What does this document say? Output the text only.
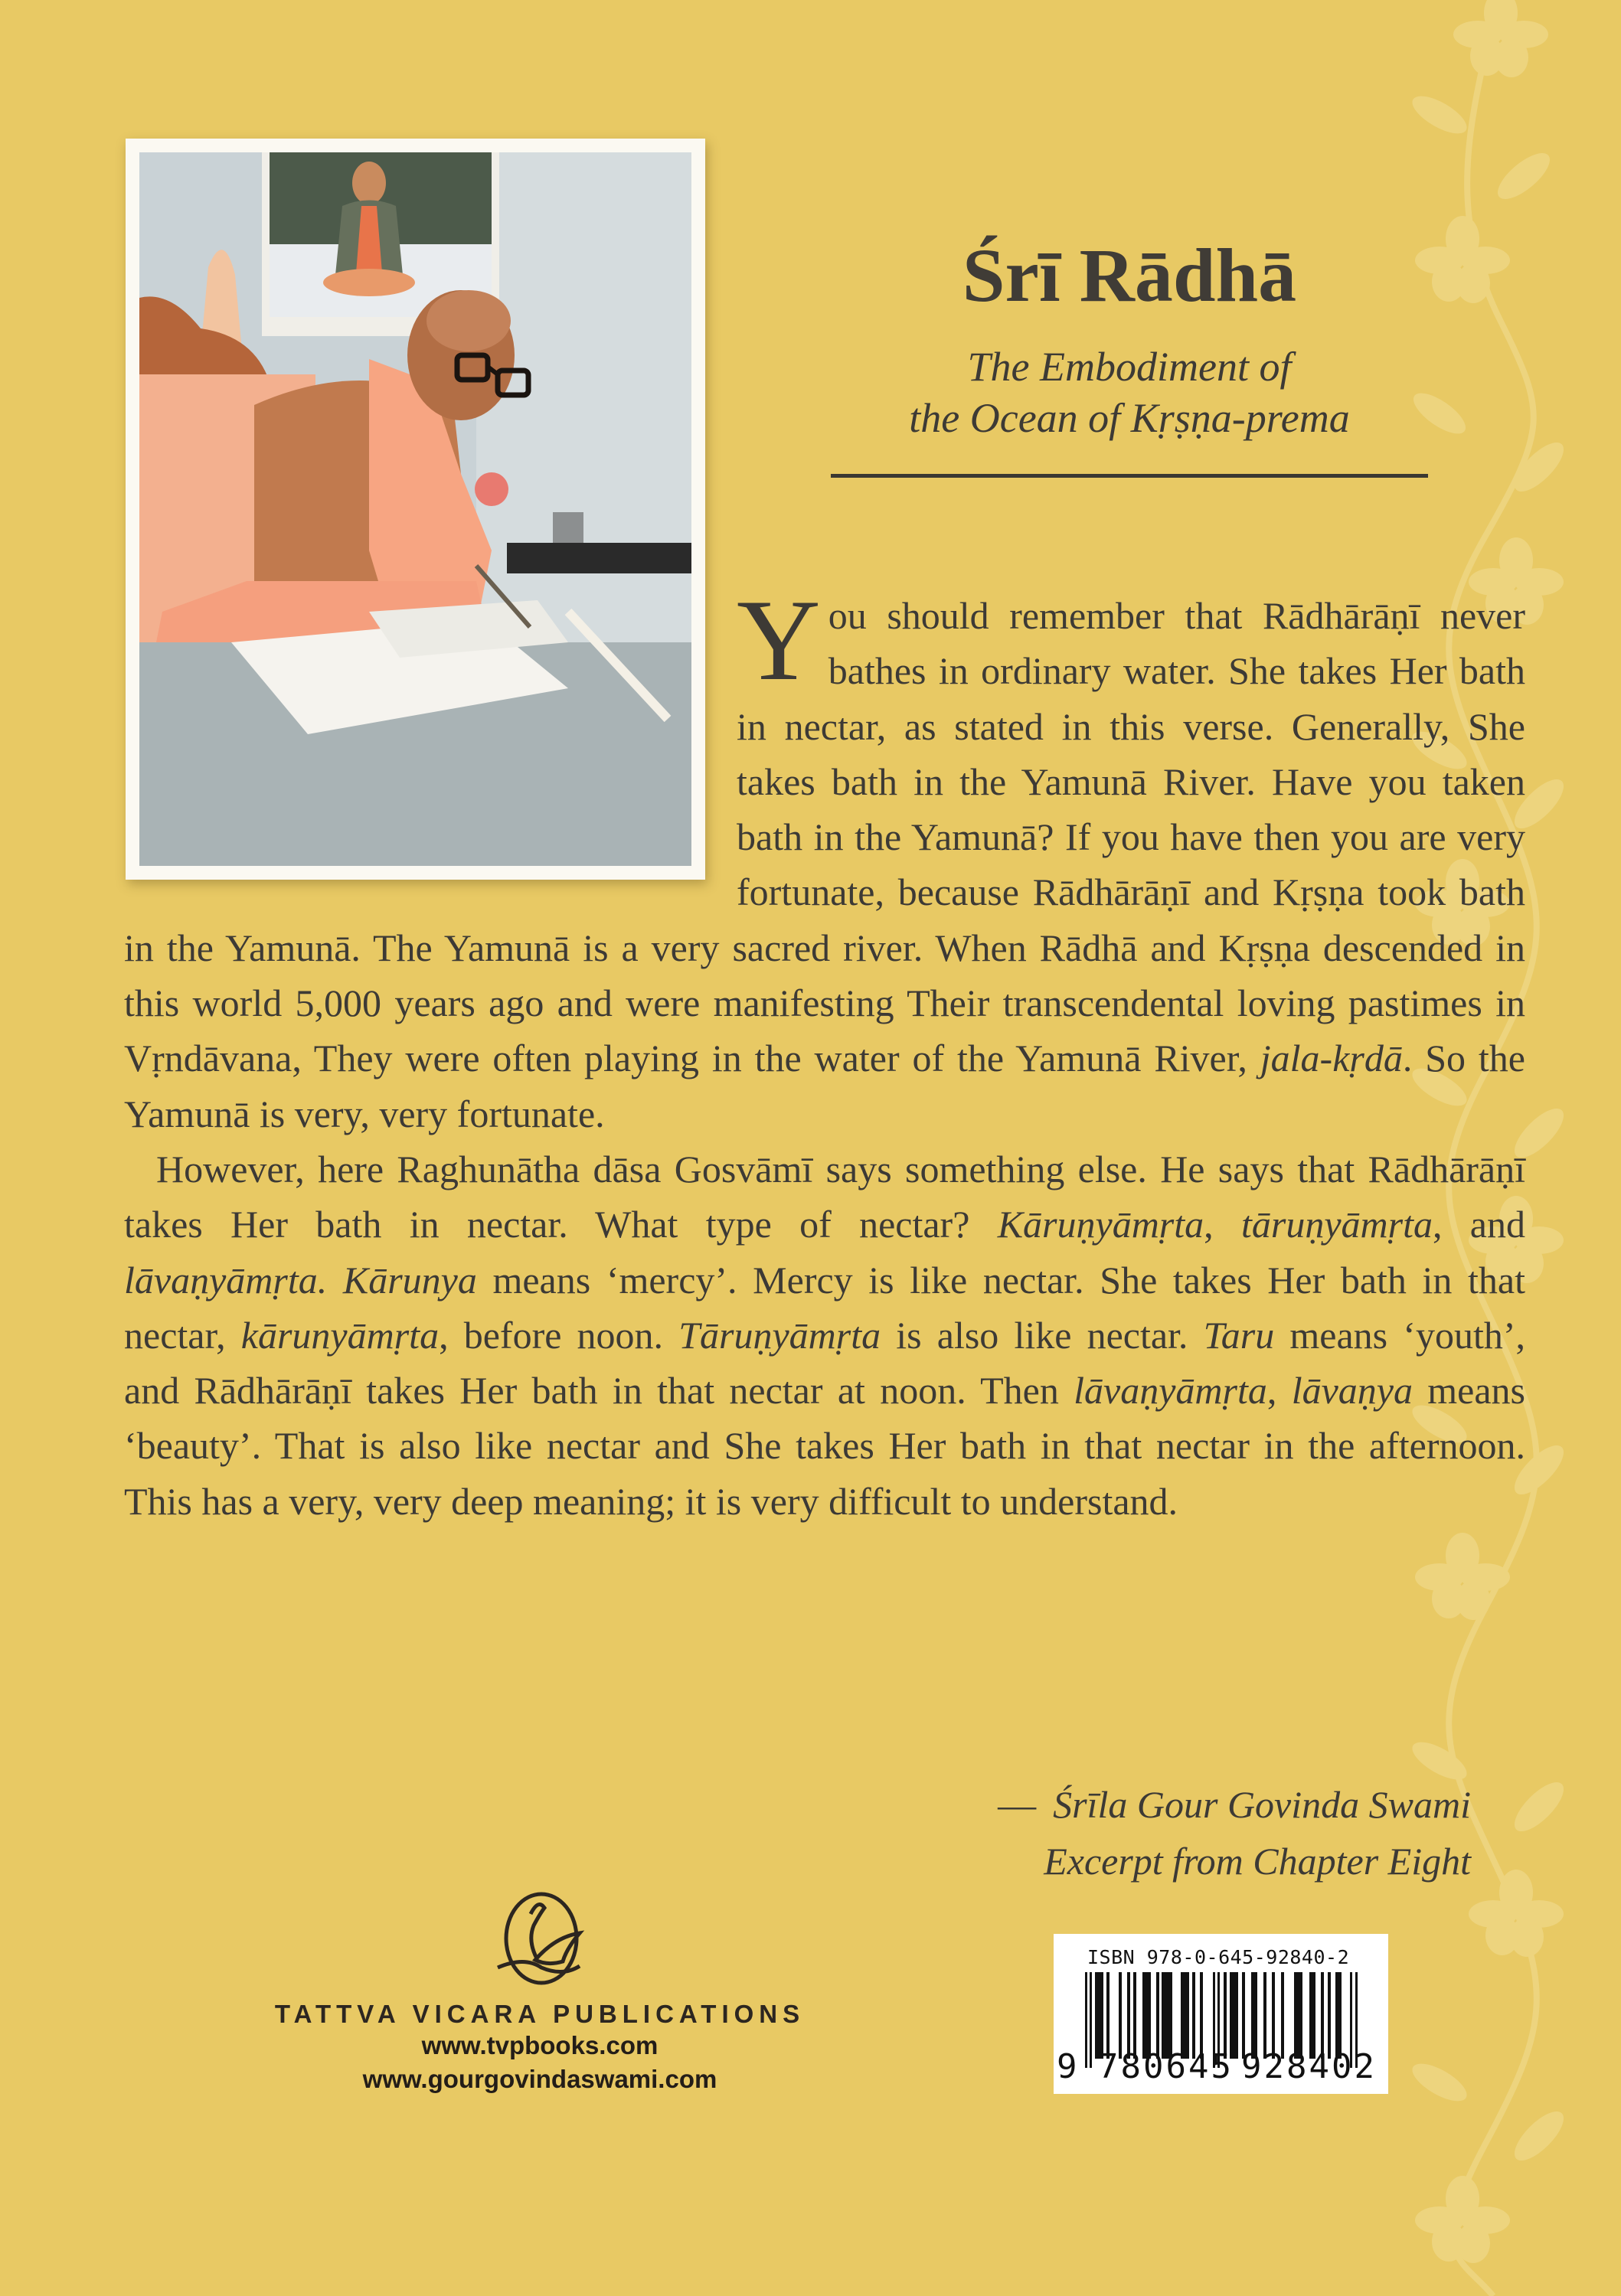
Śrī Rādhā
The Embodiment of
the Ocean of Kṛṣṇa-prema

You should remember that Rādhārāṇī never bathes in ordinary water. She takes Her bath in nectar, as stated in this verse. Generally, She takes bath in the Yamunā River. Have you taken bath in the Yamunā? If you have then you are very fortunate, because Rādhārāṇī and Kṛṣṇa took bath in the Yamunā. The Yamunā is a very sacred river. When Rādhā and Kṛṣṇa descended in this world 5,000 years ago and were manifesting Their transcendental loving pastimes in Vṛndāvana, They were often playing in the water of the Yamunā River, jala-kṛdā. So the Yamunā is very, very fortunate.

However, here Raghunātha dāsa Gosvāmī says something else. He says that Rādhārāṇī takes Her bath in nectar. What type of nectar? Kāruṇyāmṛta, tāruṇyāmṛta, and lāvaṇyāmṛta. Kārunya means ‘mercy’. Mercy is like nectar. She takes Her bath in that nectar, kārunyāmṛta, before noon. Tāruṇyāmṛta is also like nectar. Taru means ‘youth’, and Rādhārāṇī takes Her bath in that nectar at noon. Then lāvaṇyāmṛta, lāvaṇya means ‘beauty’. That is also like nectar and She takes Her bath in that nectar in the afternoon. This has a very, very deep meaning; it is very difficult to understand.

— Śrīla Gour Govinda Swami
Excerpt from Chapter Eight
TATTVA VICARA PUBLICATIONS
www.tvpbooks.com
www.gourgovindaswami.com
ISBN 978-0-645-92840-2
9 780645 928402
